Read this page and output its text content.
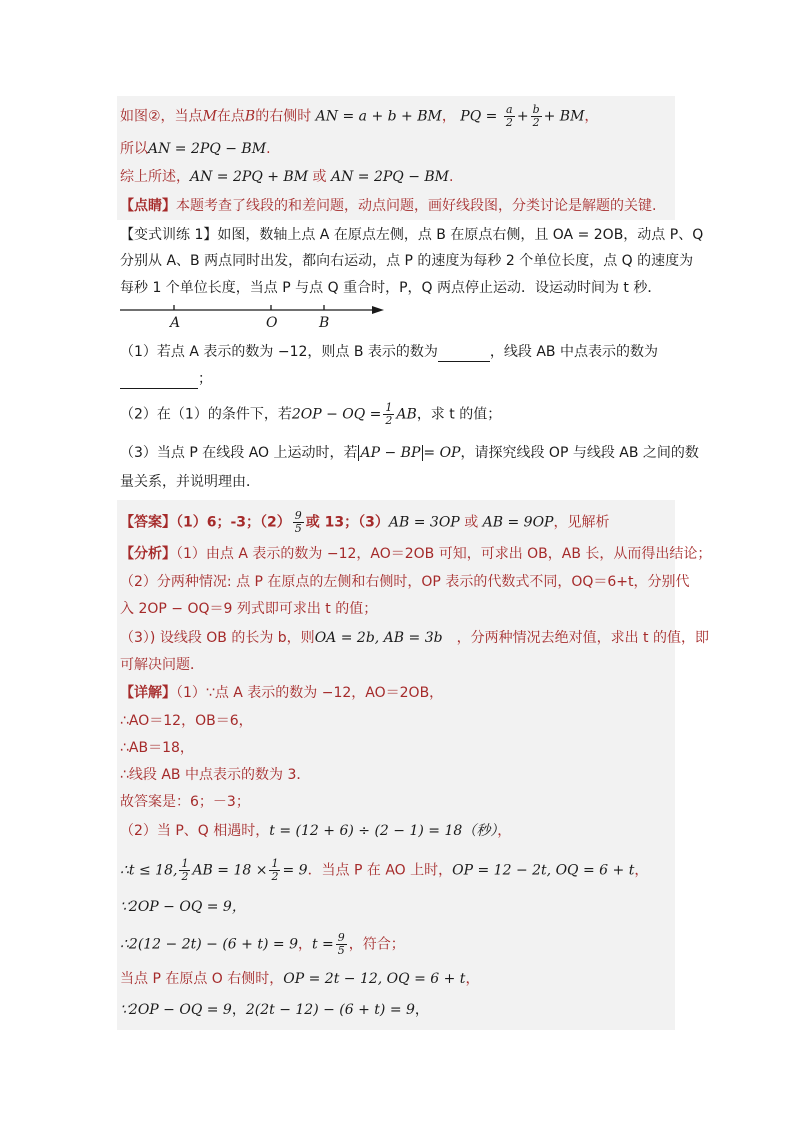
如图②，当点M在点B的右侧时 AN = a + b + BM， PQ = $\frac{a}{2} + \frac{b}{2}$ + BM，
所以AN = 2PQ − BM.
综上所述，AN = 2PQ + BM 或 AN = 2PQ − BM.
【点睛】本题考查了线段的和差问题，动点问题，画好线段图，分类讨论是解题的关键.
【变式训练 1】如图，数轴上点 A 在原点左侧，点 B 在原点右侧，且 OA = 2OB，动点 P、Q
分别从 A、B 两点同时出发，都向右运动，点 P 的速度为每秒 2 个单位长度，点 Q 的速度为
每秒 1 个单位长度，当点 P 与点 Q 重合时，P，Q 两点停止运动．设运动时间为 t 秒．
A	O	B
（1）若点 A 表示的数为 −12，则点 B 表示的数为	，线段 AB 中点表示的数为
；
（2）在（1）的条件下，若2OP − OQ = $\frac{1}{2}$ AB，求 t 的值；
（3）当点 P 在线段 AO 上运动时，若 AP − BP = OP，请探究线段 OP 与线段 AB 之间的数
量关系，并说明理由．
【答案】（1）6；-3；$(2) \frac{9}{5}$ 或 13；（3）AB = 3OP 或 AB = 9OP，见解析
【分析】（1）由点 A 表示的数为 −12，AO＝2OB 可知，可求出 OB，AB 长，从而得出结论；
（2）分两种情况: 点 P 在原点的左侧和右侧时，OP 表示的代数式不同，OQ＝6+t，分别代
入 2OP − OQ＝9 列式即可求出 t 的值；
（3）) 设线段 OB 的长为 b，则OA = 2b, AB = 3b　 ，分两种情况去绝对值，求出 t 的值，即
可解决问题．
【详解】（1）∵点 A 表示的数为 −12，AO＝2OB，
∴AO＝12，OB＝6，
∴AB＝18，
∴线段 AB 中点表示的数为 3．
故答案是：6；－3；
（2）当 P、Q 相遇时，t = (12 + 6) ÷ (2 − 1) = 18（秒），
∴t ≤ 18, $\frac{1}{2}$ AB = $18 \times \frac{1}{2} = 9$．当点 P 在 AO 上时，OP = 12 − 2t, OQ = 6 + t，
∵2OP − OQ = 9，
∴2(12 − 2t) − (6 + t) = 9，$t = \frac{9}{5}$ ，符合；
当点 P 在原点 O 右侧时，OP = 2t − 12, OQ = 6 + t，
∵2OP − OQ = 9，2(2t − 12) − (6 + t) = 9，
